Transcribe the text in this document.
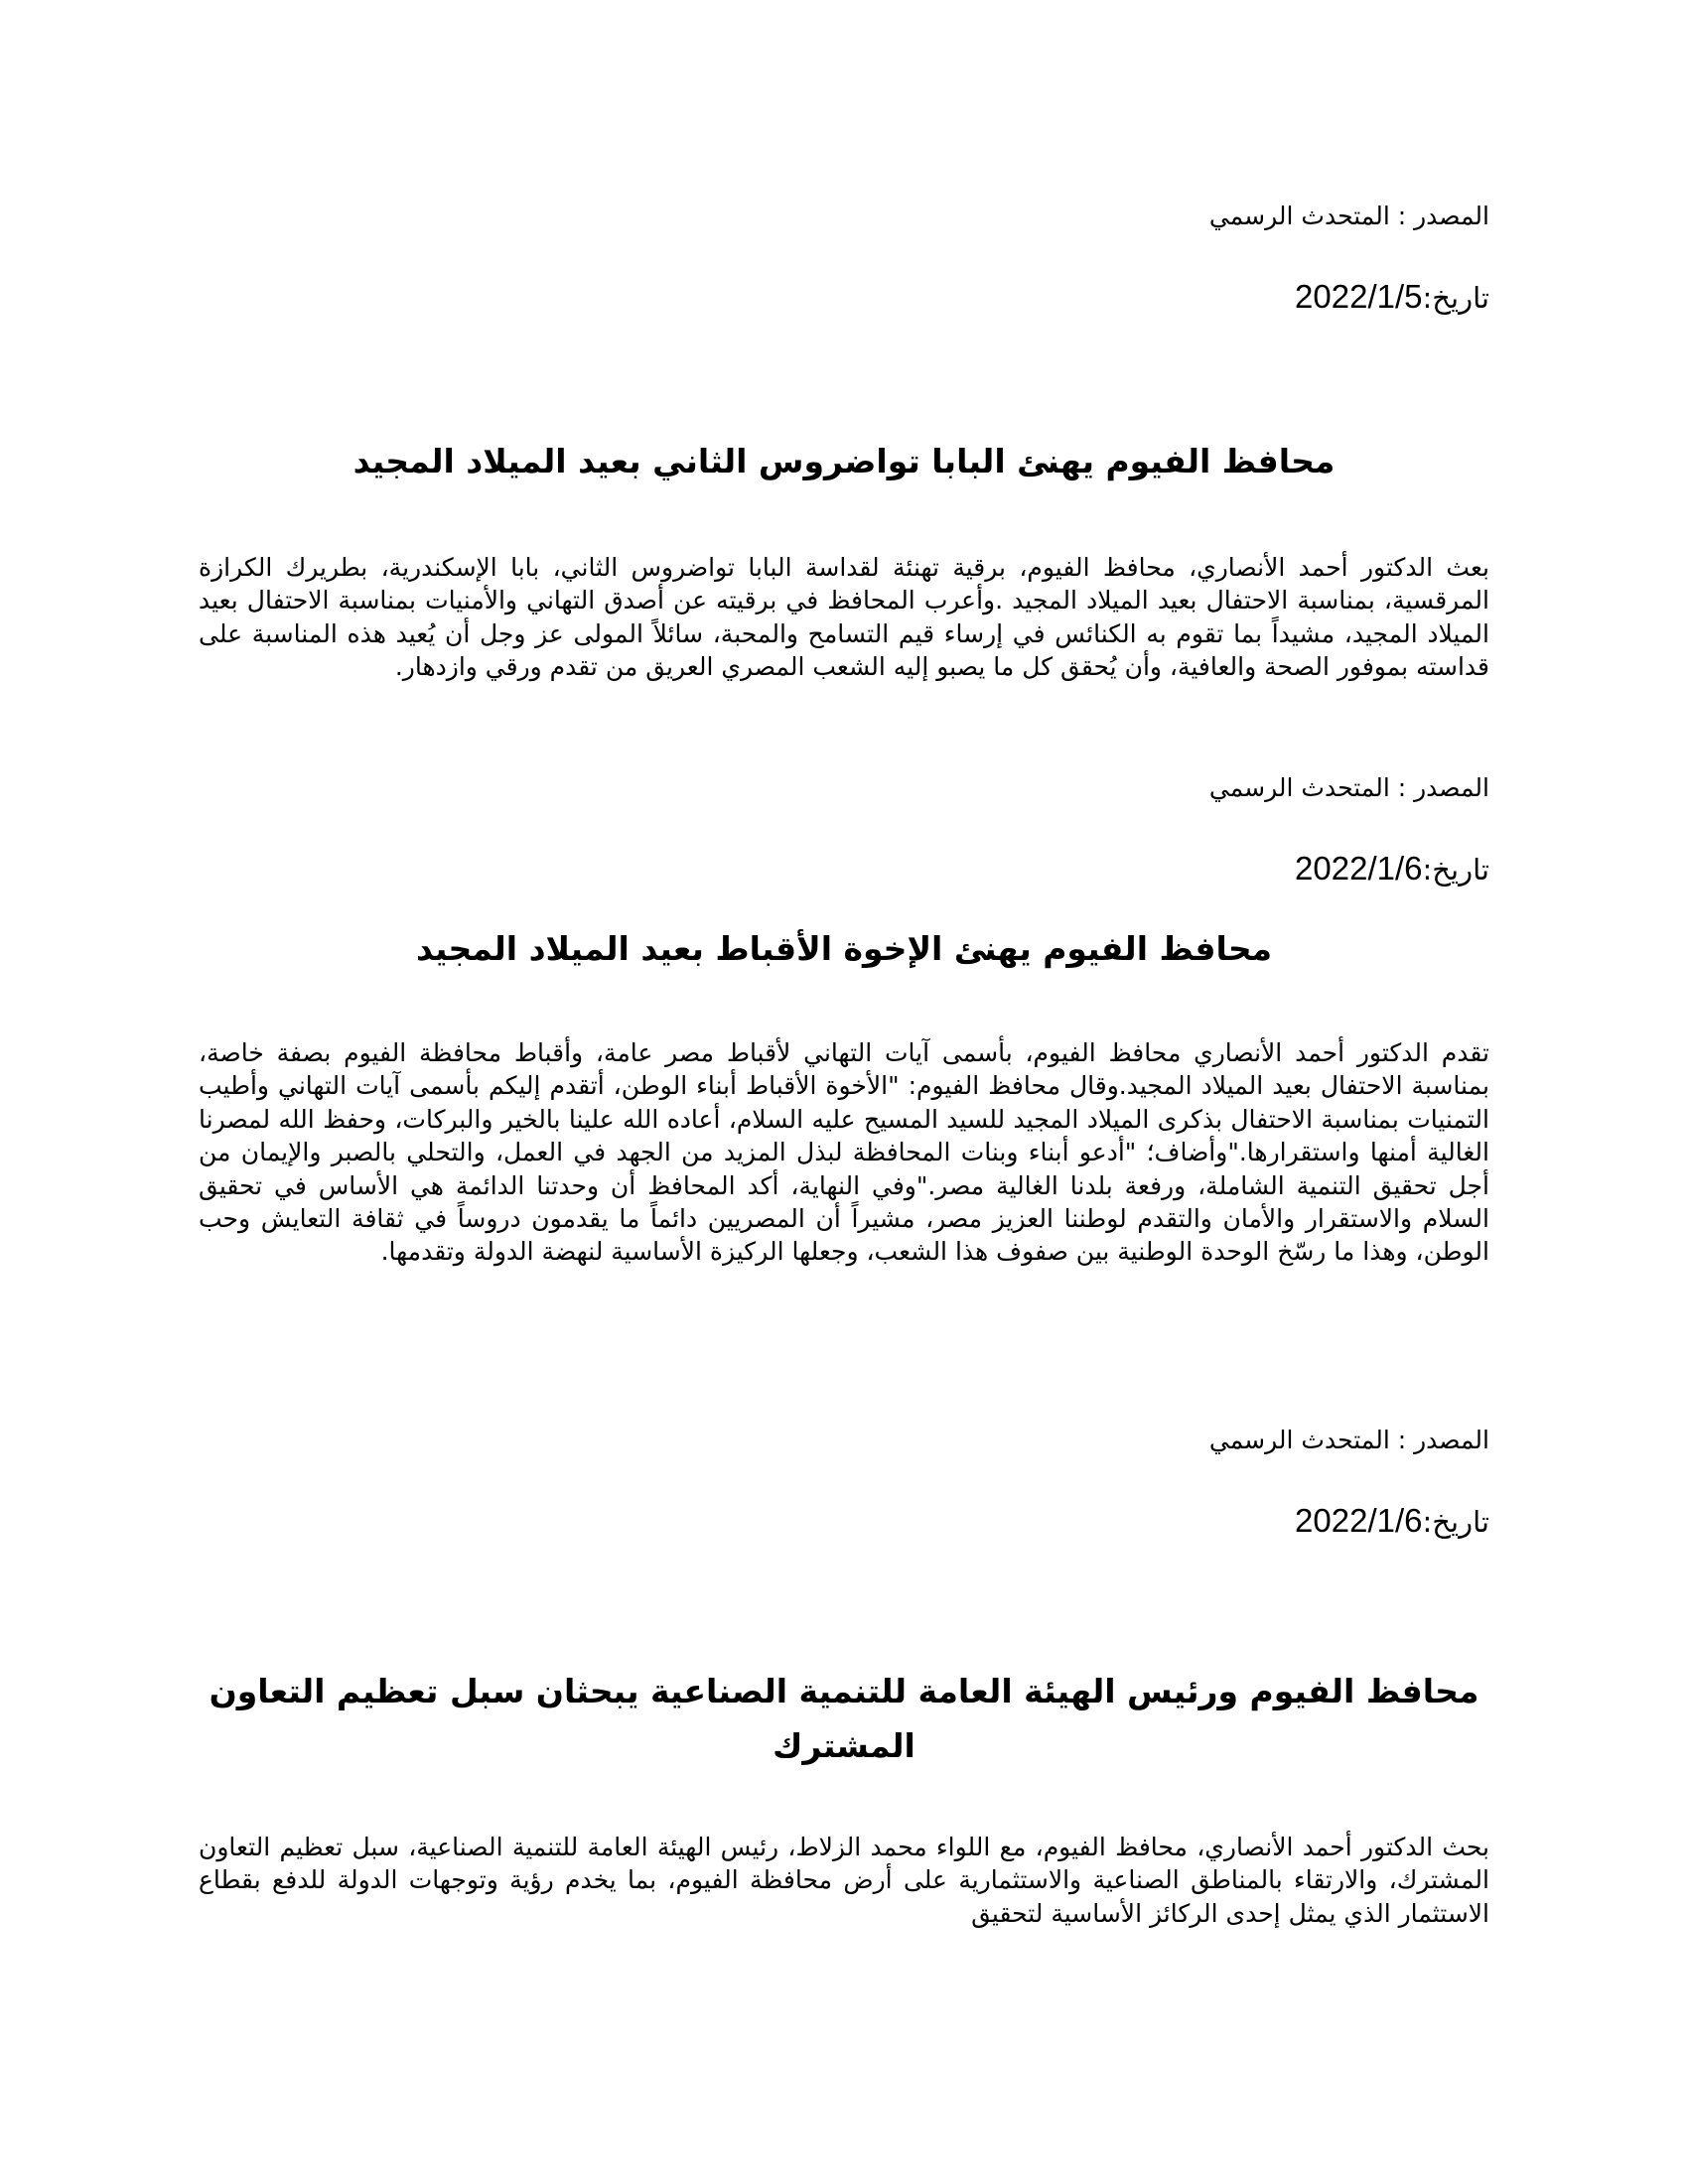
المصدر : المتحدث الرسمي
تاريخ:2022/1/5
محافظ الفيوم يهنئ البابا تواضروس الثاني بعيد الميلاد المجيد

بعث الدكتور أحمد الأنصاري، محافظ الفيوم، برقية تهنئة لقداسة البابا تواضروس الثاني، بابا الإسكندرية، بطريرك الكرازة المرقسية، بمناسبة الاحتفال بعيد الميلاد المجيد .وأعرب المحافظ في برقيته عن أصدق التهاني والأمنيات بمناسبة الاحتفال بعيد الميلاد المجيد، مشيداً بما تقوم به الكنائس في إرساء قيم التسامح والمحبة، سائلاً المولى عز وجل أن يُعيد هذه المناسبة على قداسته بموفور الصحة والعافية، وأن يُحقق كل ما يصبو إليه الشعب المصري العريق من تقدم ورقي وازدهار.

المصدر : المتحدث الرسمي
تاريخ:2022/1/6
محافظ الفيوم يهنئ الإخوة الأقباط بعيد الميلاد المجيد

تقدم الدكتور أحمد الأنصاري محافظ الفيوم، بأسمى آيات التهاني لأقباط مصر عامة، وأقباط محافظة الفيوم بصفة خاصة، بمناسبة الاحتفال بعيد الميلاد المجيد.وقال محافظ الفيوم: "الأخوة الأقباط أبناء الوطن، أتقدم إليكم بأسمى آيات التهاني وأطيب التمنيات بمناسبة الاحتفال بذكرى الميلاد المجيد للسيد المسيح عليه السلام، أعاده الله علينا بالخير والبركات، وحفظ الله لمصرنا الغالية أمنها واستقرارها."وأضاف؛ "أدعو أبناء وبنات المحافظة لبذل المزيد من الجهد في العمل، والتحلي بالصبر والإيمان من أجل تحقيق التنمية الشاملة، ورفعة بلدنا الغالية مصر."وفي النهاية، أكد المحافظ أن وحدتنا الدائمة هي الأساس في تحقيق السلام والاستقرار والأمان والتقدم لوطننا العزيز مصر، مشيراً أن المصريين دائماً ما يقدمون دروساً في ثقافة التعايش وحب الوطن، وهذا ما رسّخ الوحدة الوطنية بين صفوف هذا الشعب، وجعلها الركيزة الأساسية لنهضة الدولة وتقدمها.

المصدر : المتحدث الرسمي
تاريخ:2022/1/6
محافظ الفيوم ورئيس الهيئة العامة للتنمية الصناعية يبحثان سبل تعظيم التعاون المشترك

بحث الدكتور أحمد الأنصاري، محافظ الفيوم، مع اللواء محمد الزلاط، رئيس الهيئة العامة للتنمية الصناعية، سبل تعظيم التعاون المشترك، والارتقاء بالمناطق الصناعية والاستثمارية على أرض محافظة الفيوم، بما يخدم رؤية وتوجهات الدولة للدفع بقطاع الاستثمار الذي يمثل إحدى الركائز الأساسية لتحقيق
